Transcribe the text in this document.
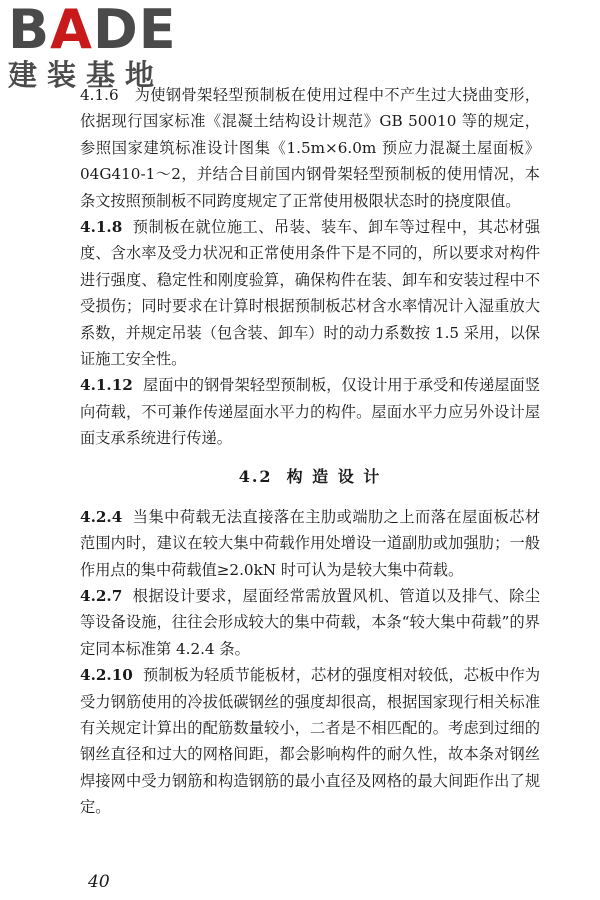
BADE
建装基地

4.1.6　为使钢骨架轻型预制板在使用过程中不产生过大挠曲变形，依据现行国家标准《混凝土结构设计规范》GB 50010 等的规定，参照国家建筑标准设计图集《1.5m×6.0m 预应力混凝土屋面板》04G410-1～2，并结合目前国内钢骨架轻型预制板的使用情况，本条文按照预制板不同跨度规定了正常使用极限状态时的挠度限值。

4.1.8 预制板在就位施工、吊装、装车、卸车等过程中，其芯材强度、含水率及受力状况和正常使用条件下是不同的，所以要求对构件进行强度、稳定性和刚度验算，确保构件在装、卸车和安装过程中不受损伤；同时要求在计算时根据预制板芯材含水率情况计入湿重放大系数，并规定吊装（包含装、卸车）时的动力系数按 1.5 采用，以保证施工安全性。

4.1.12 屋面中的钢骨架轻型预制板，仅设计用于承受和传递屋面竖向荷载，不可兼作传递屋面水平力的构件。屋面水平力应另外设计屋面支承系统进行传递。

4.2 构 造 设 计

4.2.4 当集中荷载无法直接落在主肋或端肋之上而落在屋面板芯材范围内时，建议在较大集中荷载作用处增设一道副肋或加强肋；一般作用点的集中荷载值≥2.0kN 时可认为是较大集中荷载。

4.2.7 根据设计要求，屋面经常需放置风机、管道以及排气、除尘等设备设施，往往会形成较大的集中荷载，本条“较大集中荷载”的界定同本标准第 4.2.4 条。

4.2.10 预制板为轻质节能板材，芯材的强度相对较低，芯板中作为受力钢筋使用的冷拔低碳钢丝的强度却很高，根据国家现行相关标准有关规定计算出的配筋数量较小，二者是不相匹配的。考虑到过细的钢丝直径和过大的网格间距，都会影响构件的耐久性，故本条对钢丝焊接网中受力钢筋和构造钢筋的最小直径及网格的最大间距作出了规定。

40
